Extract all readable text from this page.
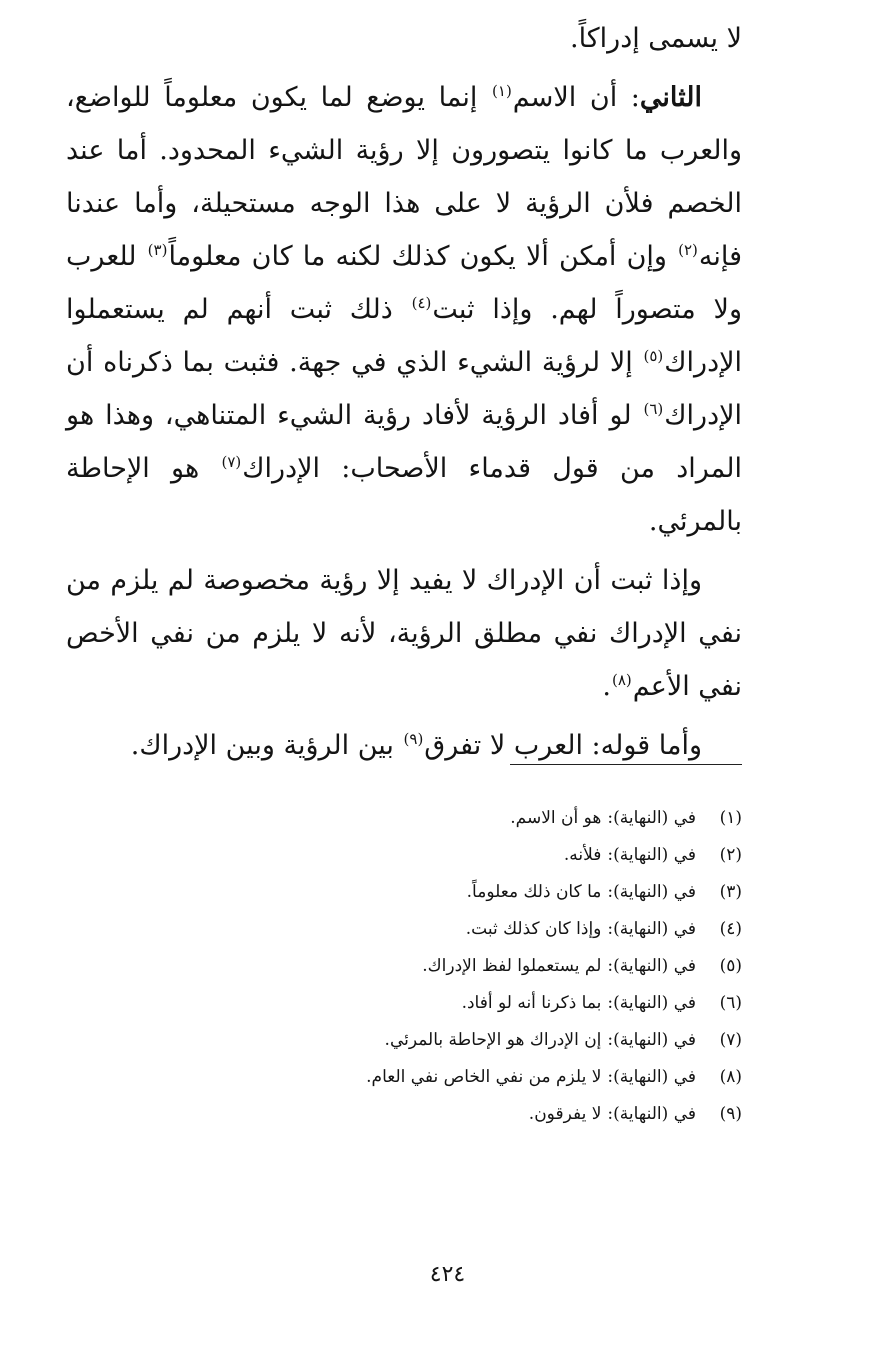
لا يسمى إدراكاً.

الثاني: أن الاسم$^{(١)}$ إنما يوضع لما يكون معلوماً للواضع، والعرب ما كانوا يتصورون إلا رؤية الشيء المحدود. أما عند الخصم فلأن الرؤية لا على هذا الوجه مستحيلة، وأما عندنا فإنه$^{(٢)}$ وإن أمكن ألا يكون كذلك لكنه ما كان معلوماً$^{(٣)}$ للعرب ولا متصوراً لهم. وإذا ثبت$^{(٤)}$ ذلك ثبت أنهم لم يستعملوا الإدراك$^{(٥)}$ إلا لرؤية الشيء الذي في جهة. فثبت بما ذكرناه أن الإدراك$^{(٦)}$ لو أفاد الرؤية لأفاد رؤية الشيء المتناهي، وهذا هو المراد من قول قدماء الأصحاب: الإدراك$^{(٧)}$ هو الإحاطة بالمرئي.

وإذا ثبت أن الإدراك لا يفيد إلا رؤية مخصوصة لم يلزم من نفي الإدراك نفي مطلق الرؤية، لأنه لا يلزم من نفي الأخص نفي الأعم$^{(٨)}$.

وأما قوله: العرب لا تفرق$^{(٩)}$ بين الرؤية وبين الإدراك.

(١)
في (النهاية):
هو أن الاسم.
(٢)
في (النهاية):
فلأنه.
(٣)
في (النهاية):
ما كان ذلك معلوماً.
(٤)
في (النهاية):
وإذا كان كذلك ثبت.
(٥)
في (النهاية):
لم يستعملوا لفظ الإدراك.
(٦)
في (النهاية):
بما ذكرنا أنه لو أفاد.
(٧)
في (النهاية):
إن الإدراك هو الإحاطة بالمرئي.
(٨)
في (النهاية):
لا يلزم من نفي الخاص نفي العام.
(٩)
في (النهاية):
لا يفرقون.
٤٢٤
